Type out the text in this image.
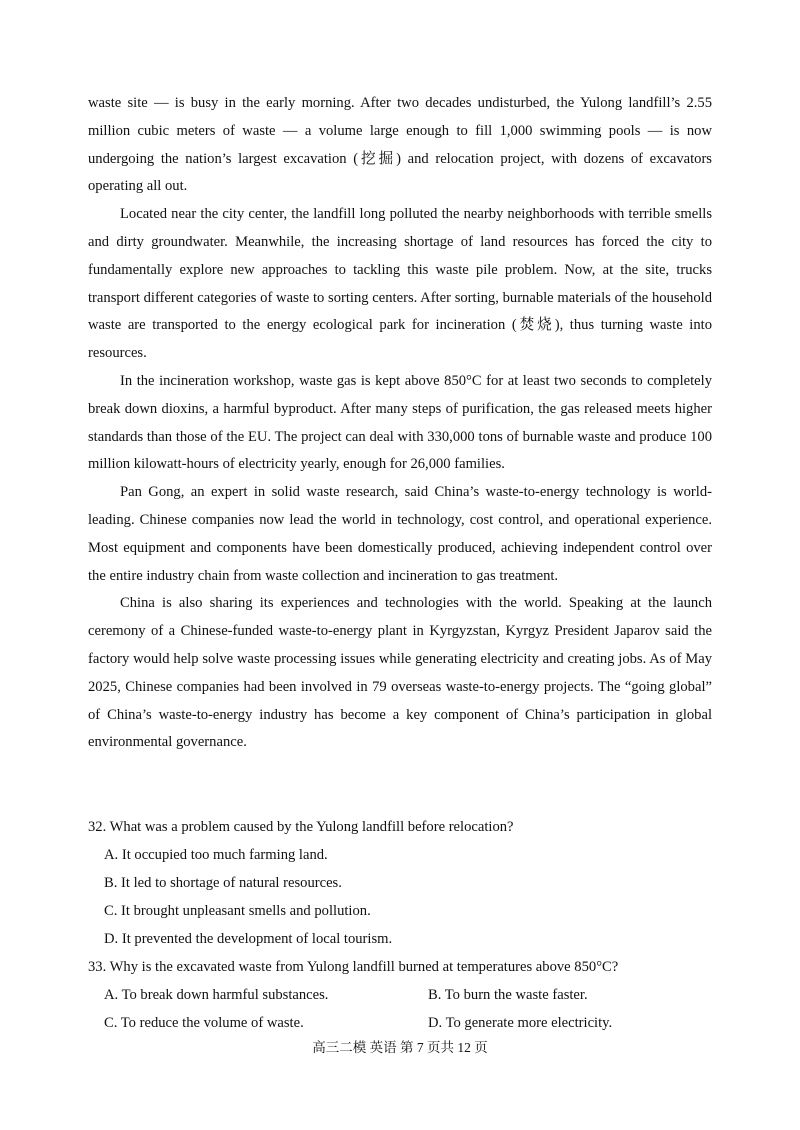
waste site — is busy in the early morning. After two decades undisturbed, the Yulong landfill’s 2.55 million cubic meters of waste — a volume large enough to fill 1,000 swimming pools — is now undergoing the nation’s largest excavation (挖掘) and relocation project, with dozens of excavators operating all out.

Located near the city center, the landfill long polluted the nearby neighborhoods with terrible smells and dirty groundwater. Meanwhile, the increasing shortage of land resources has forced the city to fundamentally explore new approaches to tackling this waste pile problem. Now, at the site, trucks transport different categories of waste to sorting centers. After sorting, burnable materials of the household waste are transported to the energy ecological park for incineration (焚烧), thus turning waste into resources.

In the incineration workshop, waste gas is kept above 850°C for at least two seconds to completely break down dioxins, a harmful byproduct. After many steps of purification, the gas released meets higher standards than those of the EU. The project can deal with 330,000 tons of burnable waste and produce 100 million kilowatt-hours of electricity yearly, enough for 26,000 families.

Pan Gong, an expert in solid waste research, said China’s waste-to-energy technology is world-leading. Chinese companies now lead the world in technology, cost control, and operational experience. Most equipment and components have been domestically produced, achieving independent control over the entire industry chain from waste collection and incineration to gas treatment.

China is also sharing its experiences and technologies with the world. Speaking at the launch ceremony of a Chinese-funded waste-to-energy plant in Kyrgyzstan, Kyrgyz President Japarov said the factory would help solve waste processing issues while generating electricity and creating jobs. As of May 2025, Chinese companies had been involved in 79 overseas waste-to-energy projects. The “going global” of China’s waste-to-energy industry has become a key component of China’s participation in global environmental governance.

32. What was a problem caused by the Yulong landfill before relocation?
A. It occupied too much farming land.
B. It led to shortage of natural resources.
C. It brought unpleasant smells and pollution.
D. It prevented the development of local tourism.
33. Why is the excavated waste from Yulong landfill burned at temperatures above 850°C?
A. To break down harmful substances.	B. To burn the waste faster.
C. To reduce the volume of waste.	D. To generate more electricity.
高三二模 英语 第 7 页共 12 页
